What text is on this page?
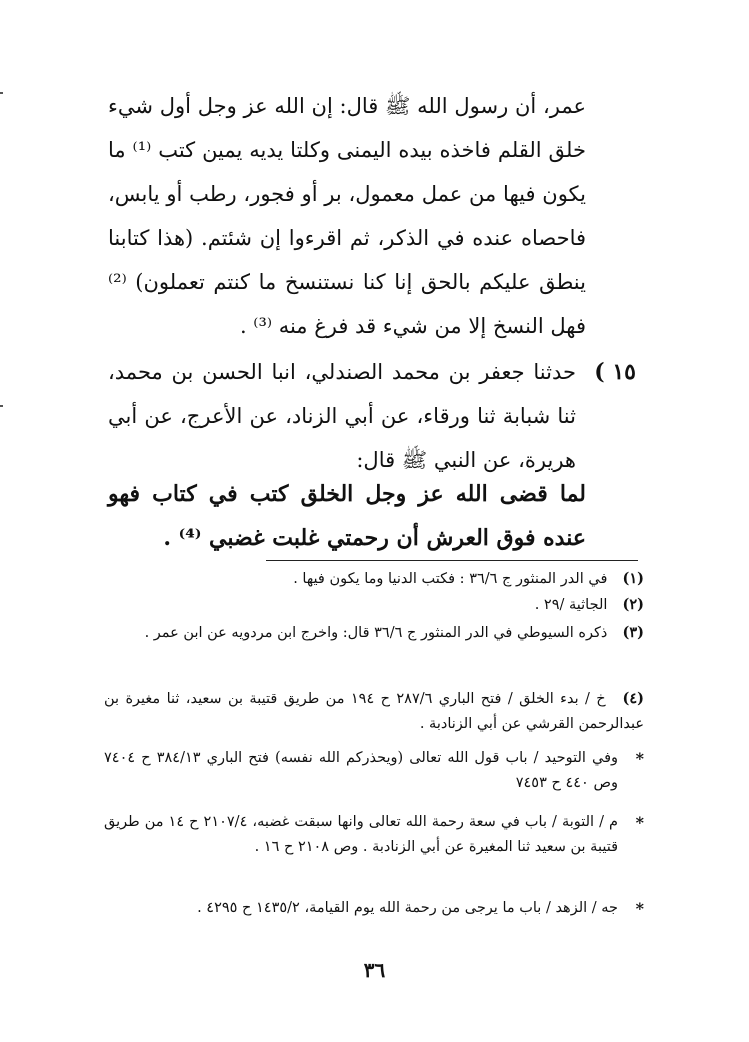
عمر، أن رسول الله ﷺ قال: إن الله عز وجل أول شيء خلق القلم فاخذه بيده اليمنى وكلتا يديه يمين كتب ⁽¹⁾ ما يكون فيها من عمل معمول، بر أو فجور، رطب أو يابس، فاحصاه عنده في الذكر، ثم اقرءوا إن شئتم. (هذا كتابنا ينطق عليكم بالحق إنا كنا نستنسخ ما كنتم تعملون) ⁽²⁾ فهل النسخ إلا من شيء قد فرغ منه ⁽³⁾ .

١٥ )
حدثنا جعفر بن محمد الصندلي، انبا الحسن بن محمد، ثنا شبابة ثنا ورقاء، عن أبي الزناد، عن الأعرج، عن أبي هريرة، عن النبي ﷺ قال:
لما قضى الله عز وجل الخلق كتب في كتاب فهو عنده فوق العرش أن رحمتي غلبت غضبي ⁽⁴⁾ .
(١) في الدر المنثور ج ٣٦/٦ : فكتب الدنيا وما يكون فيها .
(٢) الجاثية /٢٩ .
(٣) ذكره السيوطي في الدر المنثور ج ٣٦/٦ قال: واخرج ابن مردويه عن ابن عمر .
(٤) خ / بدء الخلق / فتح الباري ٢٨٧/٦ ح ١٩٤ من طريق قتيبة بن سعيد، ثنا مغيرة بن عبدالرحمن القرشي عن أبي الزنادبة .
*
وفي التوحيد / باب قول الله تعالى (ويحذركم الله نفسه) فتح الباري ٣٨٤/١٣ ح ٧٤٠٤ وص ٤٤٠ ح ٧٤٥٣
*
م / التوبة / باب في سعة رحمة الله تعالى وانها سبقت غضبه، ٢١٠٧/٤ ح ١٤ من طريق قتيبة بن سعيد ثنا المغيرة عن أبي الزنادبة . وص ٢١٠٨ ح ١٦ .
*
جه / الزهد / باب ما يرجى من رحمة الله يوم القيامة، ١٤٣٥/٢ ح ٤٢٩٥ .
٣٦
